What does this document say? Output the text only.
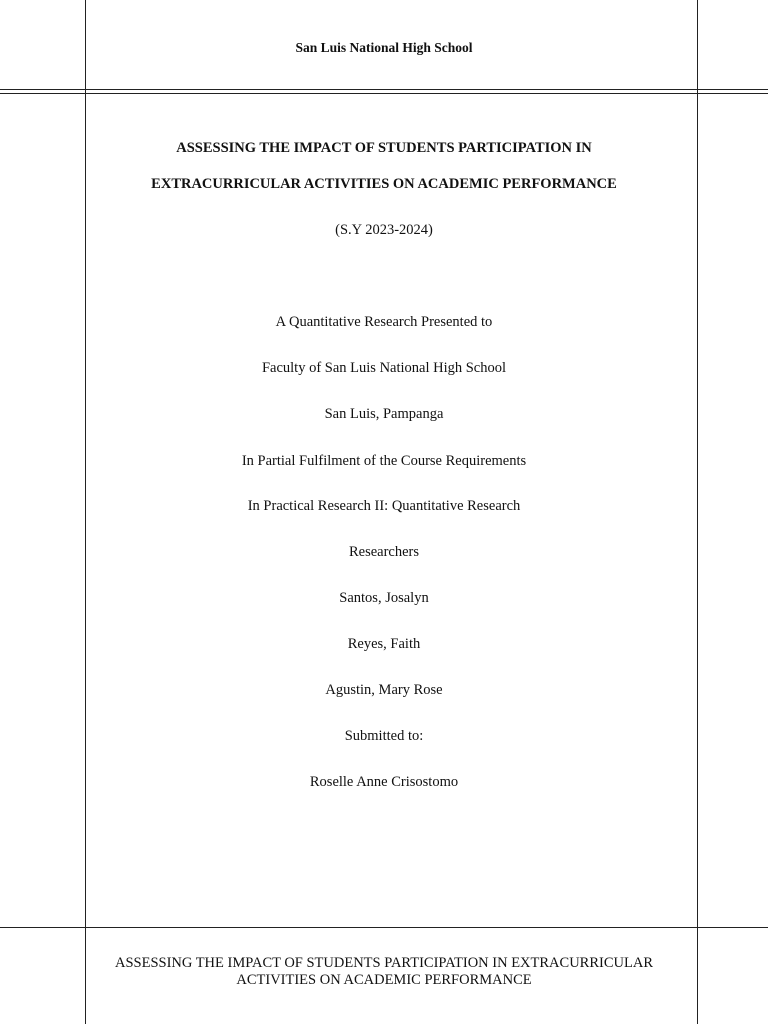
San Luis National High School
ASSESSING THE IMPACT OF STUDENTS PARTICIPATION IN
EXTRACURRICULAR ACTIVITIES ON ACADEMIC PERFORMANCE
(S.Y 2023-2024)
A Quantitative Research Presented to
Faculty of San Luis National High School
San Luis, Pampanga
In Partial Fulfilment of the Course Requirements
In Practical Research II: Quantitative Research
Researchers
Santos, Josalyn
Reyes, Faith
Agustin, Mary Rose
Submitted to:
Roselle Anne Crisostomo
ASSESSING THE IMPACT OF STUDENTS PARTICIPATION IN EXTRACURRICULAR ACTIVITIES ON ACADEMIC PERFORMANCE
